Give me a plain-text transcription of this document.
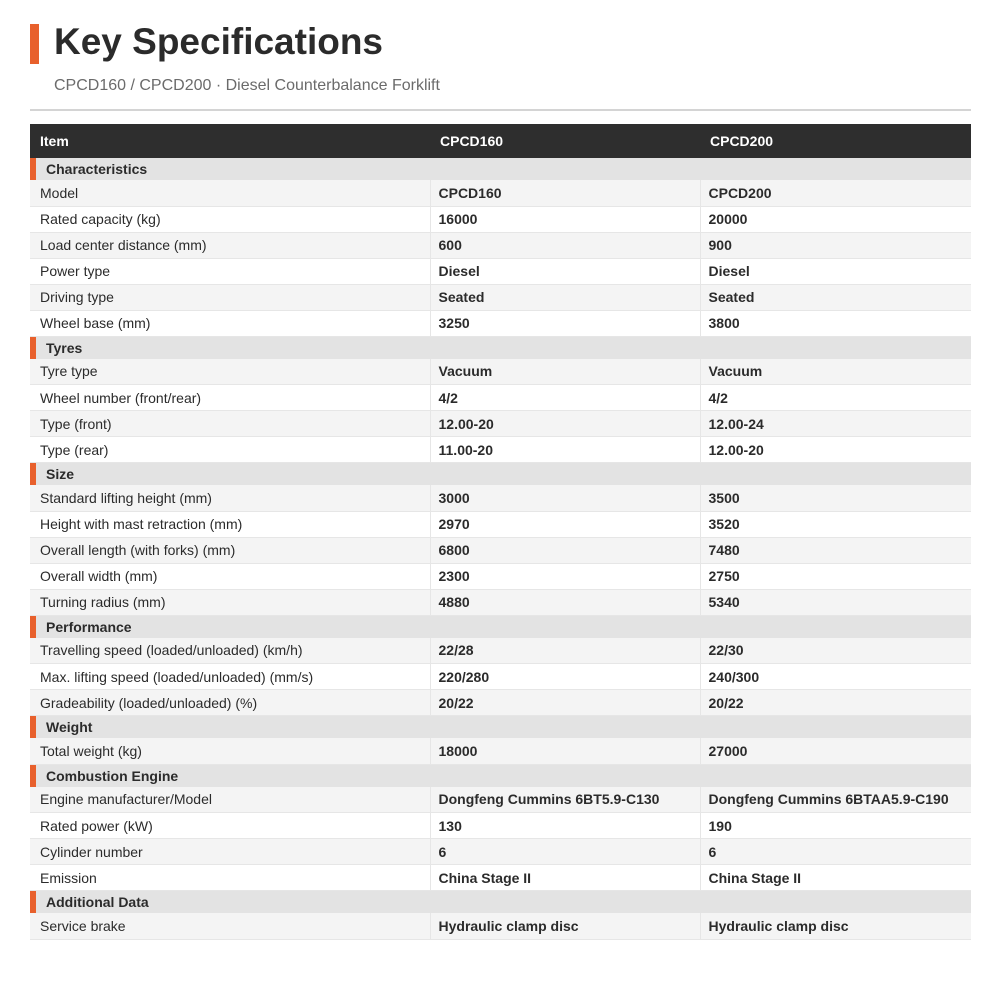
Key Specifications
CPCD160 / CPCD200 · Diesel Counterbalance Forklift
Item	CPCD160	CPCD200
Characteristics		
Model	CPCD160	CPCD200
Rated capacity (kg)	16000	20000
Load center distance (mm)	600	900
Power type	Diesel	Diesel
Driving type	Seated	Seated
Wheel base (mm)	3250	3800
Tyres		
Tyre type	Vacuum	Vacuum
Wheel number (front/rear)	4/2	4/2
Type (front)	12.00-20	12.00-24
Type (rear)	11.00-20	12.00-20
Size		
Standard lifting height (mm)	3000	3500
Height with mast retraction (mm)	2970	3520
Overall length (with forks) (mm)	6800	7480
Overall width (mm)	2300	2750
Turning radius (mm)	4880	5340
Performance		
Travelling speed (loaded/unloaded) (km/h)	22/28	22/30
Max. lifting speed (loaded/unloaded) (mm/s)	220/280	240/300
Gradeability (loaded/unloaded) (%)	20/22	20/22
Weight		
Total weight (kg)	18000	27000
Combustion Engine		
Engine manufacturer/Model	Dongfeng Cummins 6BT5.9-C130	Dongfeng Cummins 6BTAA5.9-C190
Rated power (kW)	130	190
Cylinder number	6	6
Emission	China Stage II	China Stage II
Additional Data		
Service brake	Hydraulic clamp disc	Hydraulic clamp disc
